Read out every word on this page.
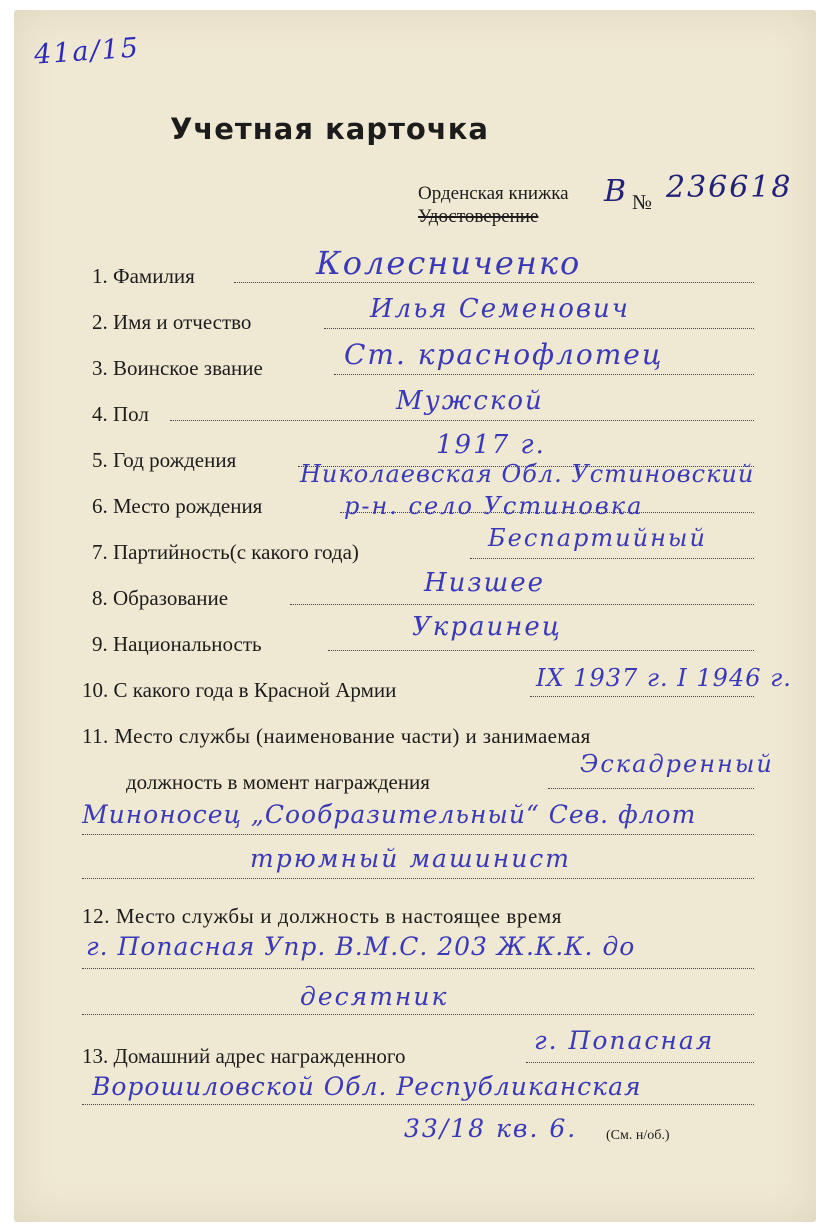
41а/15
Учетная карточка
Орденская книжка
Удостоверение
№
В 236618
1. Фамилия	Колесниченко
2. Имя и отчество	Илья Семенович
3. Воинское звание	Ст. краснофлотец
4. Пол	Мужской
5. Год рождения	1917 г.
6. Место рождения
Николаевская Обл. Устиновский
р-н. село Устиновка
7. Партийность(с какого года)	Беспартийный
8. Образование	Низшее
9. Национальность
Украинец
10. С какого года в Красной Армии	IX 1937 г. I 1946 г.
11. Место службы (наименование части) и занимаемая
должность в момент награждения
Эскадренный
Миноносец „Сообразительный“ Сев. флот
трюмный машинист
12. Место службы и должность в настоящее время
г. Попасная Упр. В.М.С. 203 Ж.К.К. до
десятник
13. Домашний адрес награжденного
г. Попасная
Ворошиловской Обл. Республиканская
33/18 кв. 6. (См. н/об.)
